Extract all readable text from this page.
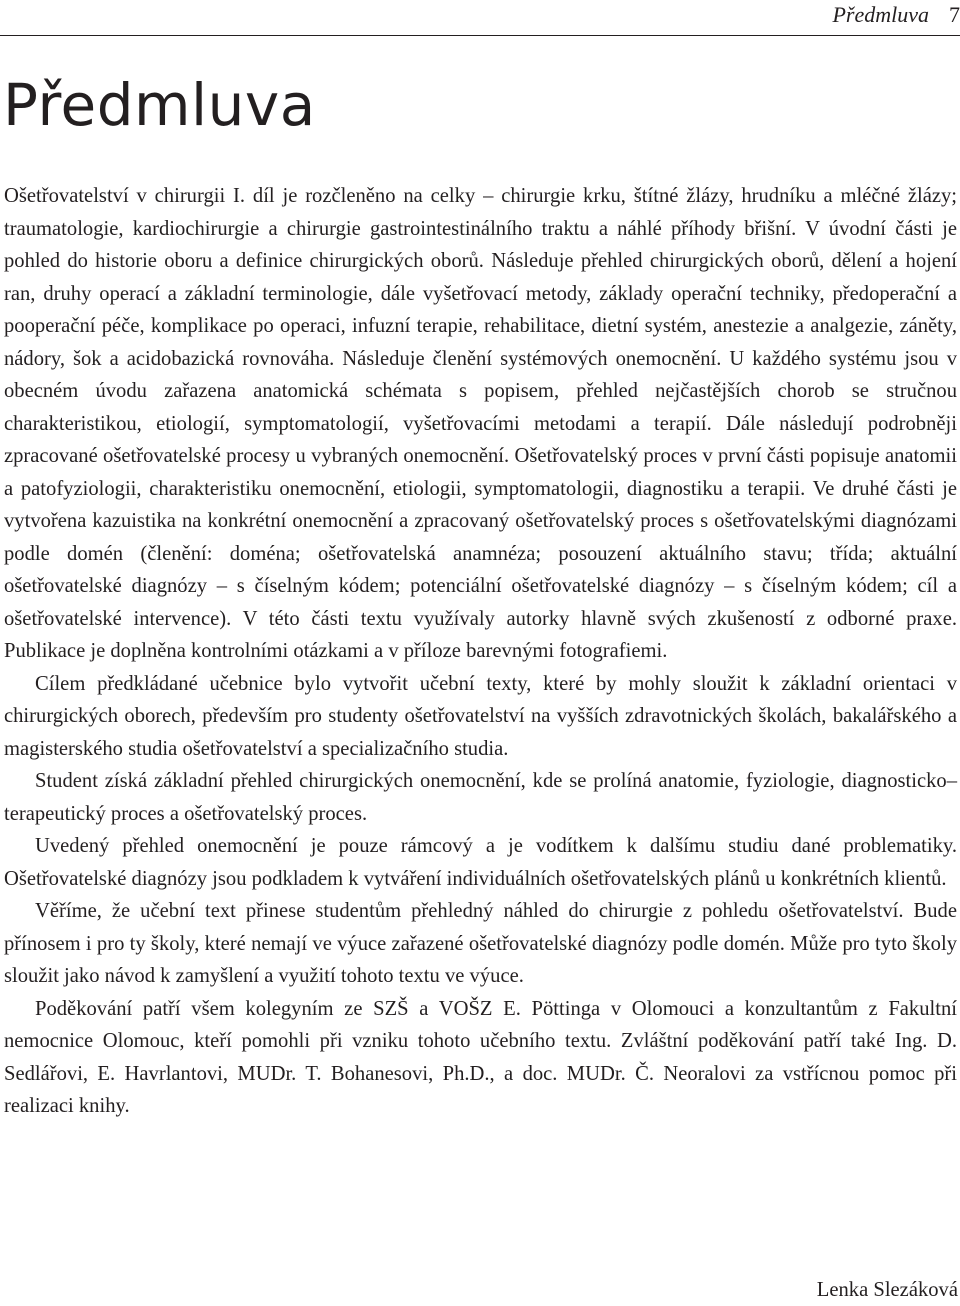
Předmluva 7
Předmluva

Ošetřovatelství v chirurgii I. díl je rozčleněno na celky – chirurgie krku, štítné žlázy, hrudníku a mléčné žlázy; traumatologie, kardiochirurgie a chirurgie gastrointestinálního traktu a náhlé příhody břišní. V úvodní části je pohled do historie oboru a definice chirurgických oborů. Následuje přehled chirurgických oborů, dělení a hojení ran, druhy operací a základní terminologie, dále vyšetřovací metody, základy operační techniky, předoperační a pooperační péče, komplikace po operaci, infuzní terapie, rehabilitace, dietní systém, anestezie a analgezie, záněty, nádory, šok a acidobazická rovnováha. Následuje členění systémových onemocnění. U každého systému jsou v obecném úvodu zařazena anatomická schémata s popisem, přehled nejčastějších chorob se stručnou charakteristikou, etiologií, symptomatologií, vyšetřovacími metodami a terapií. Dále následují podrobněji zpracované ošetřovatelské procesy u vybraných onemocnění. Ošetřovatelský proces v první části popisuje anatomii a patofyziologii, charakteristiku onemocnění, etiologii, symptomatologii, diagnostiku a terapii. Ve druhé části je vytvořena kazuistika na konkrétní onemocnění a zpracovaný ošetřovatelský proces s ošetřovatelskými diagnózami podle domén (členění: doména; ošetřovatelská anamnéza; posouzení aktuálního stavu; třída; aktuální ošetřovatelské diagnózy – s číselným kódem; potenciální ošetřovatelské diagnózy – s číselným kódem; cíl a ošetřovatelské intervence). V této části textu využívaly autorky hlavně svých zkušeností z odborné praxe. Publikace je doplněna kontrolními otázkami a v příloze barevnými fotografiemi.

Cílem předkládané učebnice bylo vytvořit učební texty, které by mohly sloužit k základní orientaci v chirurgických oborech, především pro studenty ošetřovatelství na vyšších zdravotnických školách, bakalářského a magisterského studia ošetřovatelství a specializačního studia.

Student získá základní přehled chirurgických onemocnění, kde se prolíná anatomie, fyziologie, diagnosticko–terapeutický proces a ošetřovatelský proces.

Uvedený přehled onemocnění je pouze rámcový a je vodítkem k dalšímu studiu dané problematiky. Ošetřovatelské diagnózy jsou podkladem k vytváření individuálních ošetřovatelských plánů u konkrétních klientů.

Věříme, že učební text přinese studentům přehledný náhled do chirurgie z pohledu ošetřovatelství. Bude přínosem i pro ty školy, které nemají ve výuce zařazené ošetřovatelské diagnózy podle domén. Může pro tyto školy sloužit jako návod k zamyšlení a využití tohoto textu ve výuce.

Poděkování patří všem kolegyním ze SZŠ a VOŠZ E. Pöttinga v Olomouci a konzultantům z Fakultní nemocnice Olomouc, kteří pomohli při vzniku tohoto učebního textu. Zvláštní poděkování patří také Ing. D. Sedlářovi, E. Havrlantovi, MUDr. T. Bohanesovi, Ph.D., a doc. MUDr. Č. Neoralovi za vstřícnou pomoc při realizaci knihy.

Lenka Slezáková
